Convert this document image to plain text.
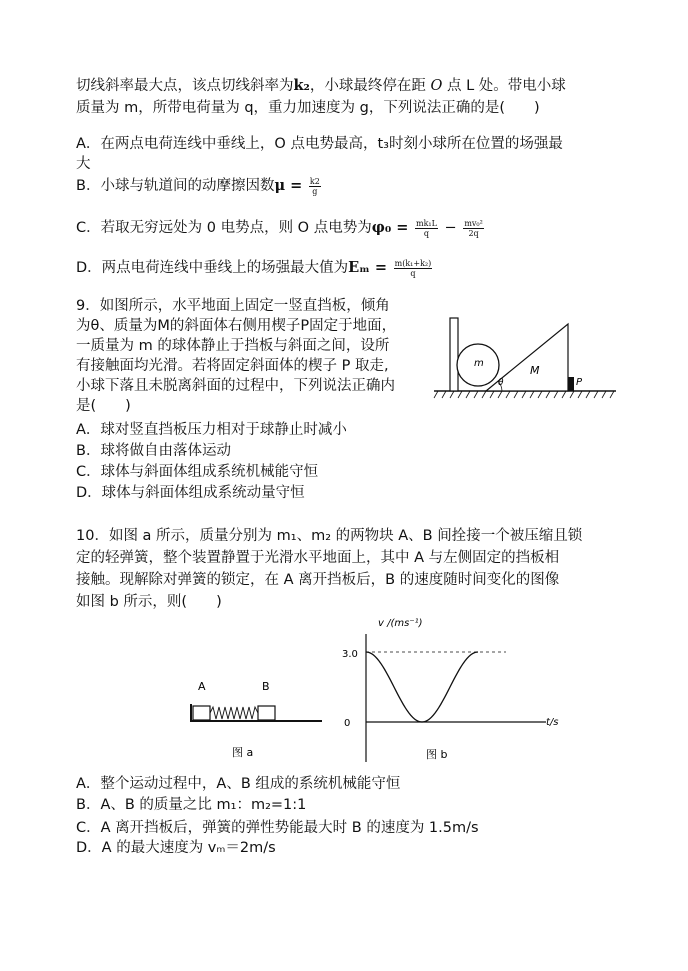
切线斜率最大点，该点切线斜率为k₂，小球最终停在距 O 点 L 处。带电小球
质量为 m，所带电荷量为 q，重力加速度为 g，下列说法正确的是(　　)
A．在两点电荷连线中垂线上，O 点电势最高，t₃时刻小球所在位置的场强最
大
B．小球与轨道间的动摩擦因数$\mu = \frac{k2}{g}$
C．若取无穷远处为 0 电势点，则 O 点电势为$\varphi_0 = \frac{\text{mk₁L}}{q} - \frac{\text{mv₀²}}{2q}$
D．两点电荷连线中垂线上的场强最大值为$E_m = \frac{\text{m(k₁+k₂)}}{q}$
9．如图所示，水平地面上固定一竖直挡板，倾角
为θ、质量为M的斜面体右侧用楔子P固定于地面，
一质量为 m 的球体静止于挡板与斜面之间，设所
有接触面均光滑。若将固定斜面体的楔子 P 取走,
小球下落且未脱离斜面的过程中，下列说法正确内
是(　　)
A．球对竖直挡板压力相对于球静止时减小
B．球将做自由落体运动
C．球体与斜面体组成系统机械能守恒
D．球体与斜面体组成系统动量守恒
m
M
θ	P
10．如图 a 所示，质量分别为 m₁、m₂ 的两物块 A、B 间拴接一个被压缩且锁
定的轻弹簧，整个装置静置于光滑水平地面上，其中 A 与左侧固定的挡板相
接触。现解除对弹簧的锁定，在 A 离开挡板后，B 的速度随时间变化的图像
如图 b 所示，则(　　)
A	B
图 a
v /(ms⁻¹)
t/s
3.0
0
图 b
A．整个运动过程中，A、B 组成的系统机械能守恒
B．A、B 的质量之比 m₁：m₂=1:1
C．A 离开挡板后，弹簧的弹性势能最大时 B 的速度为 1.5m/s
D．A 的最大速度为 vₘ＝2m/s
